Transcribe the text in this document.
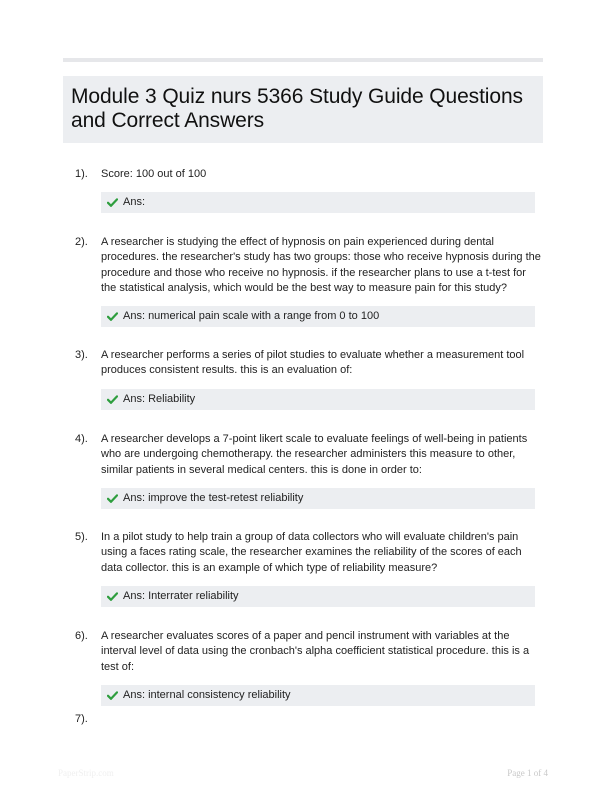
Module 3 Quiz nurs 5366 Study Guide Questions and Correct Answers
1). Score: 100 out of 100
Ans:
2). A researcher is studying the effect of hypnosis on pain experienced during dental procedures. the researcher's study has two groups: those who receive hypnosis during the procedure and those who receive no hypnosis. if the researcher plans to use a t-test for the statistical analysis, which would be the best way to measure pain for this study?
Ans: numerical pain scale with a range from 0 to 100
3). A researcher performs a series of pilot studies to evaluate whether a measurement tool produces consistent results. this is an evaluation of:
Ans: Reliability
4). A researcher develops a 7-point likert scale to evaluate feelings of well-being in patients who are undergoing chemotherapy. the researcher administers this measure to other, similar patients in several medical centers. this is done in order to:
Ans: improve the test-retest reliability
5). In a pilot study to help train a group of data collectors who will evaluate children's pain using a faces rating scale, the researcher examines the reliability of the scores of each data collector. this is an example of which type of reliability measure?
Ans: Interrater reliability
6). A researcher evaluates scores of a paper and pencil instrument with variables at the interval level of data using the cronbach's alpha coefficient statistical procedure. this is a test of:
Ans: internal consistency reliability
7).
PaperStrip.com	Page 1 of 4
